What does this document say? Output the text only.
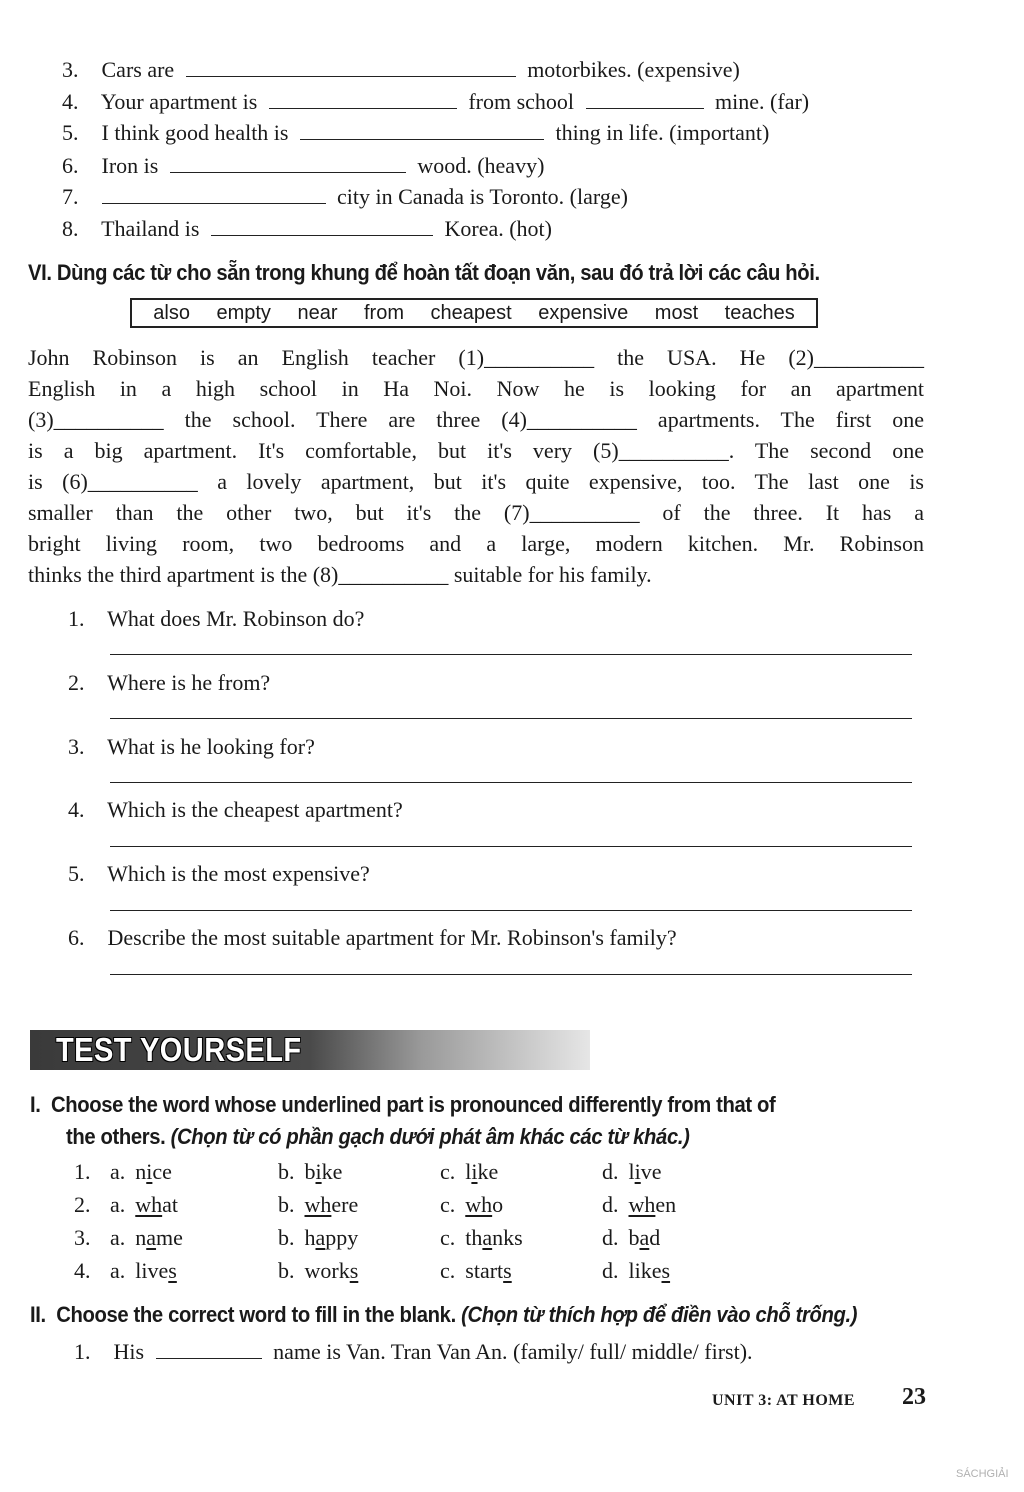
3. Cars are	motorbikes. (expensive)
4. Your apartment is	from school	mine. (far)
5. I think good health is	thing in life. (important)
6. Iron is	wood. (heavy)
7.	city in Canada is Toronto. (large)
8. Thailand is	Korea. (hot)
VI. Dùng các từ cho sẵn trong khung để hoàn tất đoạn văn, sau đó trả lời các câu hỏi.
also empty near from cheapest expensive most teaches
John Robinson is an English teacher (1)__________ the USA. He (2)__________
English in a high school in Ha Noi. Now he is looking for an apartment
(3)__________ the school. There are three (4)__________ apartments. The first one
is a big apartment. It's comfortable, but it's very (5)__________. The second one
is (6)__________ a lovely apartment, but it's quite expensive, too. The last one is
smaller than the other two, but it's the (7)__________ of the three. It has a
bright living room, two bedrooms and a large, modern kitchen. Mr. Robinson
thinks the third apartment is the (8)__________ suitable for his family.
1. What does Mr. Robinson do?
2. Where is he from?
3. What is he looking for?
4. Which is the cheapest apartment?
5. Which is the most expensive?
6. Describe the most suitable apartment for Mr. Robinson's family?
TEST YOURSELF
I. Choose the word whose underlined part is pronounced differently from that of
the others. (Chọn từ có phần gạch dưới phát âm khác các từ khác.)
1. a. nice	b. bike	c. like	d. live
2. a. what	b. where	c. who	d. when
3. a. name	b. happy	c. thanks	d. bad
4. a. lives	b. works	c. starts	d. likes
II. Choose the correct word to fill in the blank. (Chọn từ thích hợp để điền vào chỗ trống.)
1. His	name is Van. Tran Van An. (family/ full/ middle/ first).
UNIT 3: AT HOME 23
SÁCHGIẢI
